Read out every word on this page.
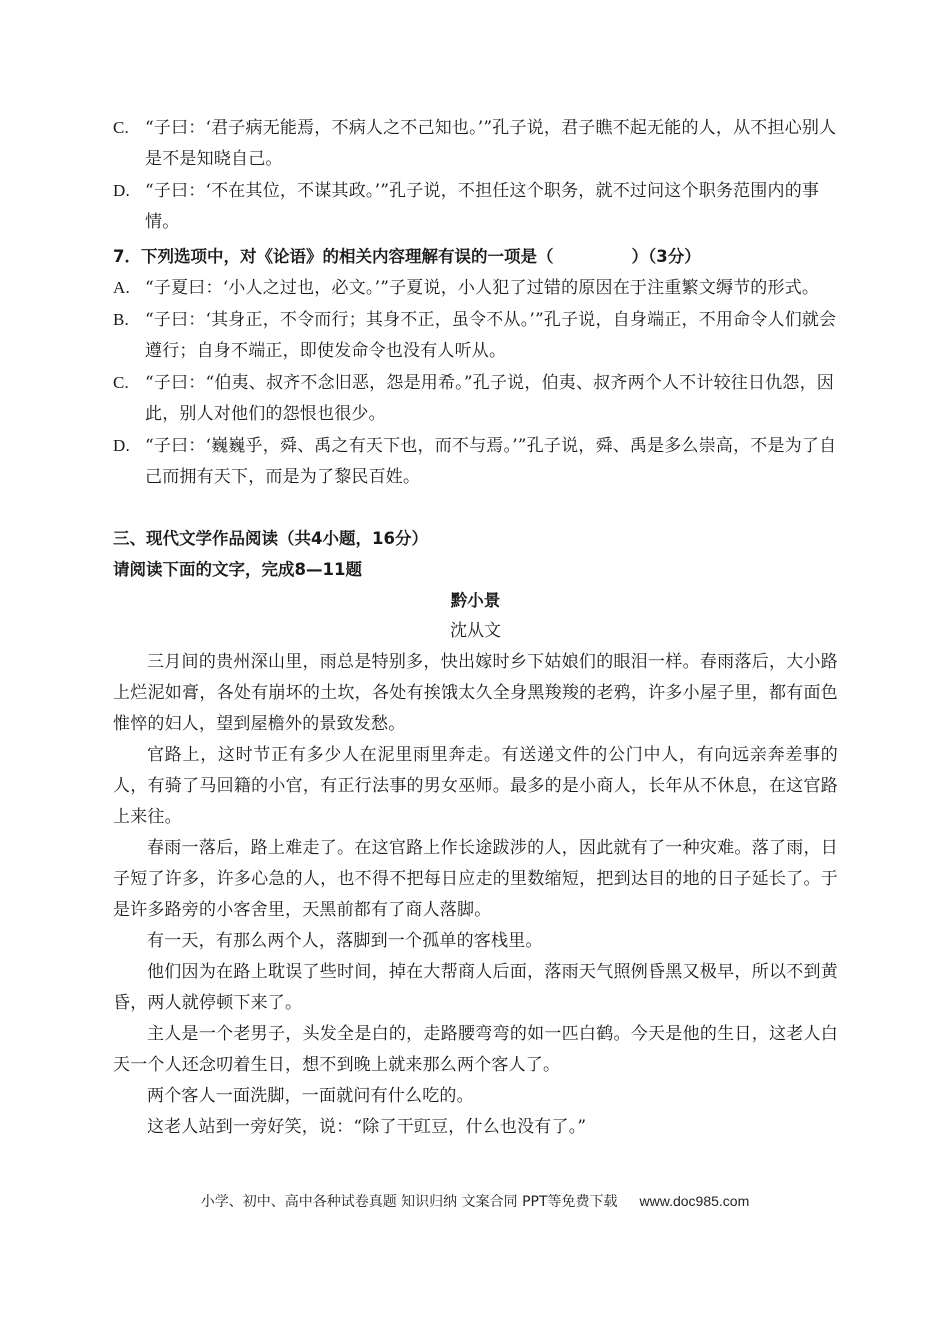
C. “子曰：‘君子病无能焉，不病人之不己知也。’”孔子说，君子瞧不起无能的人，从不担心别人是不是知晓自己。

D. “子曰：‘不在其位，不谋其政。’”孔子说，不担任这个职务，就不过问这个职务范围内的事情。

7．下列选项中，对《论语》的相关内容理解有误的一项是（	）（3分）

A. “子夏曰：‘小人之过也，必文。’”子夏说，小人犯了过错的原因在于注重繁文缛节的形式。

B. “子曰：‘其身正，不令而行；其身不正，虽令不从。’”孔子说，自身端正，不用命令人们就会遵行；自身不端正，即使发命令也没有人听从。

C. “子曰：“伯夷、叔齐不念旧恶，怨是用希。”孔子说，伯夷、叔齐两个人不计较往日仇怨，因此，别人对他们的怨恨也很少。

D. “子曰：‘巍巍乎，舜、禹之有天下也，而不与焉。’”孔子说，舜、禹是多么崇高，不是为了自己而拥有天下，而是为了黎民百姓。

三、现代文学作品阅读（共4小题，16分）

请阅读下面的文字，完成8—11题

黔小景

沈从文

三月间的贵州深山里，雨总是特别多，快出嫁时乡下姑娘们的眼泪一样。春雨落后，大小路上烂泥如膏，各处有崩坏的土坎，各处有挨饿太久全身黑羧羧的老鸦，许多小屋子里，都有面色惟悴的妇人，望到屋檐外的景致发愁。

官路上，这时节正有多少人在泥里雨里奔走。有送递文件的公门中人，有向远亲奔差事的人，有骑了马回籍的小官，有正行法事的男女巫师。最多的是小商人，长年从不休息，在这官路上来往。

春雨一落后，路上难走了。在这官路上作长途跋涉的人，因此就有了一种灾难。落了雨，日子短了许多，许多心急的人，也不得不把每日应走的里数缩短，把到达目的地的日子延长了。于是许多路旁的小客舍里，天黑前都有了商人落脚。

有一天，有那么两个人，落脚到一个孤单的客栈里。

他们因为在路上耽误了些时间，掉在大帮商人后面，落雨天气照例昏黑又极早，所以不到黄昏，两人就停顿下来了。

主人是一个老男子，头发全是白的，走路腰弯弯的如一匹白鹤。今天是他的生日，这老人白天一个人还念叨着生日，想不到晚上就来那么两个客人了。

两个客人一面洗脚，一面就问有什么吃的。

这老人站到一旁好笑，说：“除了干豇豆，什么也没有了。”

小学、初中、高中各种试卷真题 知识归纳 文案合同 PPT等免费下载 www.doc985.com
